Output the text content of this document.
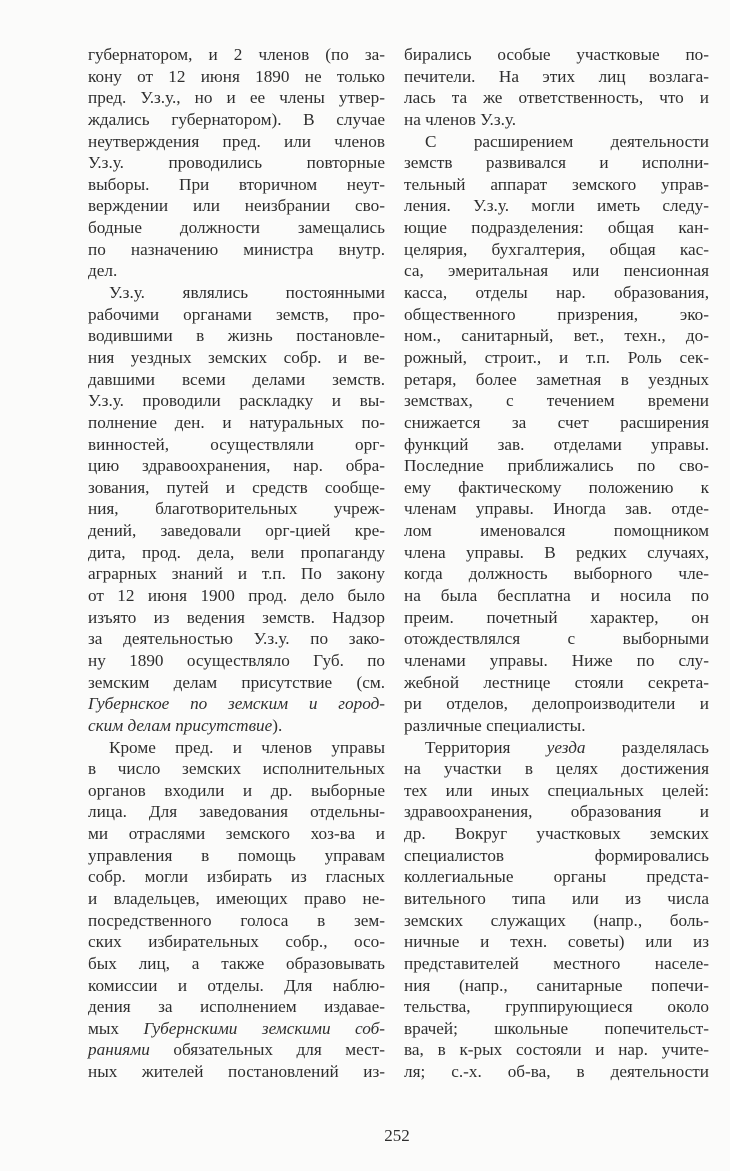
губернатором, и 2 членов (по за-
кону от 12 июня 1890 не только
пред. У.з.у., но и ее члены утвер-
ждались губернатором). В случае
неутверждения пред. или членов
У.з.у. проводились повторные
выборы. При вторичном неут-
верждении или неизбрании сво-
бодные должности замещались
по назначению министра внутр.
дел.
У.з.у. являлись постоянными
рабочими органами земств, про-
водившими в жизнь постановле-
ния уездных земских собр. и ве-
давшими всеми делами земств.
У.з.у. проводили раскладку и вы-
полнение ден. и натуральных по-
винностей, осуществляли орг-
цию здравоохранения, нар. обра-
зования, путей и средств сообще-
ния, благотворительных учреж-
дений, заведовали орг-цией кре-
дита, прод. дела, вели пропаганду
аграрных знаний и т.п. По закону
от 12 июня 1900 прод. дело было
изъято из ведения земств. Надзор
за деятельностью У.з.у. по зако-
ну 1890 осуществляло Губ. по
земским делам присутствие (см.
Губернское по земским и город-
ским делам присутствие).
Кроме пред. и членов управы
в число земских исполнительных
органов входили и др. выборные
лица. Для заведования отдельны-
ми отраслями земского хоз-ва и
управления в помощь управам
собр. могли избирать из гласных
и владельцев, имеющих право не-
посредственного голоса в зем-
ских избирательных собр., осо-
бых лиц, а также образовывать
комиссии и отделы. Для наблю-
дения за исполнением издавае-
мых Губернскими земскими соб-
раниями обязательных для мест-
ных жителей постановлений из-
бирались особые участковые по-
печители. На этих лиц возлага-
лась та же ответственность, что и
на членов У.з.у.
С расширением деятельности
земств развивался и исполни-
тельный аппарат земского управ-
ления. У.з.у. могли иметь следу-
ющие подразделения: общая кан-
целярия, бухгалтерия, общая кас-
са, эмеритальная или пенсионная
касса, отделы нар. образования,
общественного призрения, эко-
ном., санитарный, вет., техн., до-
рожный, строит., и т.п. Роль сек-
ретаря, более заметная в уездных
земствах, с течением времени
снижается за счет расширения
функций зав. отделами управы.
Последние приближались по сво-
ему фактическому положению к
членам управы. Иногда зав. отде-
лом именовался помощником
члена управы. В редких случаях,
когда должность выборного чле-
на была бесплатна и носила по
преим. почетный характер, он
отождествлялся с выборными
членами управы. Ниже по слу-
жебной лестнице стояли секрета-
ри отделов, делопроизводители и
различные специалисты.
Территория уезда разделялась
на участки в целях достижения
тех или иных специальных целей:
здравоохранения, образования и
др. Вокруг участковых земских
специалистов формировались
коллегиальные органы предста-
вительного типа или из числа
земских служащих (напр., боль-
ничные и техн. советы) или из
представителей местного населе-
ния (напр., санитарные попечи-
тельства, группирующиеся около
врачей; школьные попечительст-
ва, в к-рых состояли и нар. учите-
ля; с.-х. об-ва, в деятельности
252
